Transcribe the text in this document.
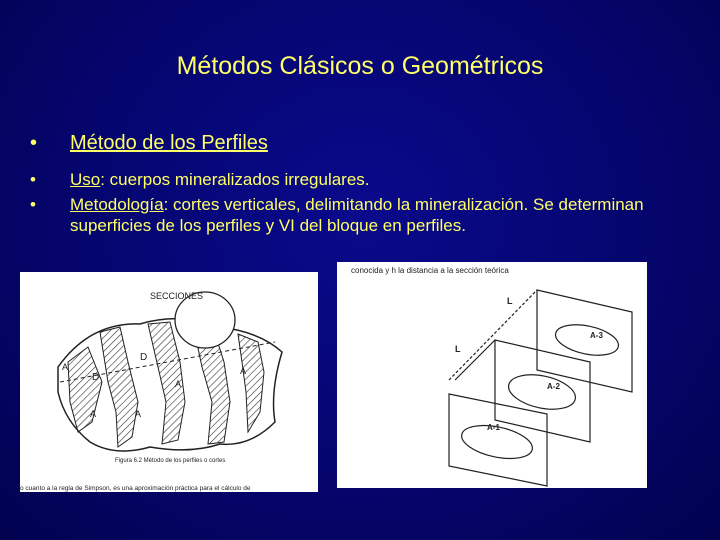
Métodos Clásicos o Geométricos
•	Método de los Perfiles
•	Uso: cuerpos mineralizados irregulares.
•	Metodología: cortes verticales, delimitando la mineralización. Se determinan superficies de los perfiles y VI del bloque en perfiles.
SECCIONES
D
D
A
A
A
A
A
Figura 6.2 Método de los perfiles o cortes
o cuanto a la regla de Simpson, es una aproximación práctica para el cálculo de
conocida y h la distancia a la sección teórica
L
L
A-3
A-2
A-1
